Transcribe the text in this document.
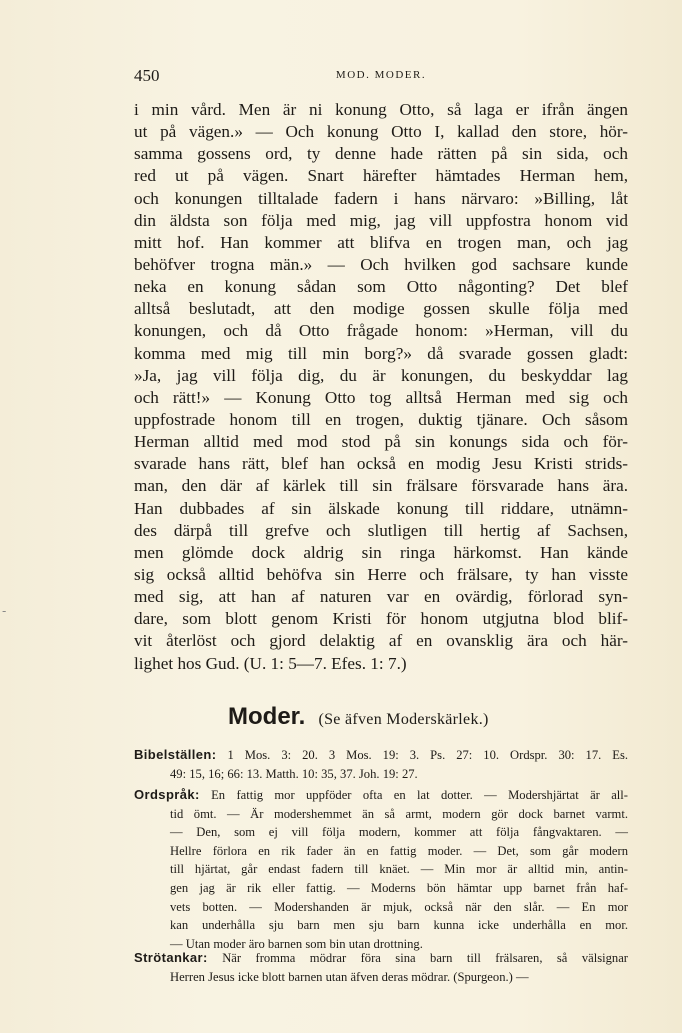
-
450	MOD. MODER.
i min vård. Men är ni konung Otto, så laga er ifrån ängen
ut på vägen.» — Och konung Otto I, kallad den store, hör-
samma gossens ord, ty denne hade rätten på sin sida, och
red ut på vägen. Snart härefter hämtades Herman hem,
och konungen tilltalade fadern i hans närvaro: »Billing, låt
din äldsta son följa med mig, jag vill uppfostra honom vid
mitt hof. Han kommer att blifva en trogen man, och jag
behöfver trogna män.» — Och hvilken god sachsare kunde
neka en konung sådan som Otto någonting? Det blef
alltså beslutadt, att den modige gossen skulle följa med
konungen, och då Otto frågade honom: »Herman, vill du
komma med mig till min borg?» då svarade gossen gladt:
»Ja, jag vill följa dig, du är konungen, du beskyddar lag
och rätt!» — Konung Otto tog alltså Herman med sig och
uppfostrade honom till en trogen, duktig tjänare. Och såsom
Herman alltid med mod stod på sin konungs sida och för-
svarade hans rätt, blef han också en modig Jesu Kristi strids-
man, den där af kärlek till sin frälsare försvarade hans ära.
Han dubbades af sin älskade konung till riddare, utnämn-
des därpå till grefve och slutligen till hertig af Sachsen,
men glömde dock aldrig sin ringa härkomst. Han kände
sig också alltid behöfva sin Herre och frälsare, ty han visste
med sig, att han af naturen var en ovärdig, förlorad syn-
dare, som blott genom Kristi för honom utgjutna blod blif-
vit återlöst och gjord delaktig af en ovansklig ära och här-
lighet hos Gud. (U. 1: 5—7. Efes. 1: 7.)
Moder. (Se äfven Moderskärlek.)
Bibelställen: 1 Mos. 3: 20. 3 Mos. 19: 3. Ps. 27: 10. Ordspr. 30: 17. Es.
49: 15, 16; 66: 13. Matth. 10: 35, 37. Joh. 19: 27.
Ordspråk: En fattig mor uppföder ofta en lat dotter. — Modershjärtat är all-
tid ömt. — Är modershemmet än så armt, modern gör dock barnet varmt.
— Den, som ej vill följa modern, kommer att följa fångvaktaren. —
Hellre förlora en rik fader än en fattig moder. — Det, som går modern
till hjärtat, går endast fadern till knäet. — Min mor är alltid min, antin-
gen jag är rik eller fattig. — Moderns bön hämtar upp barnet från haf-
vets botten. — Modershanden är mjuk, också när den slår. — En mor
kan underhålla sju barn men sju barn kunna icke underhålla en mor.
— Utan moder äro barnen som bin utan drottning.
Strötankar: När fromma mödrar föra sina barn till frälsaren, så välsignar
Herren Jesus icke blott barnen utan äfven deras mödrar. (Spurgeon.) —
